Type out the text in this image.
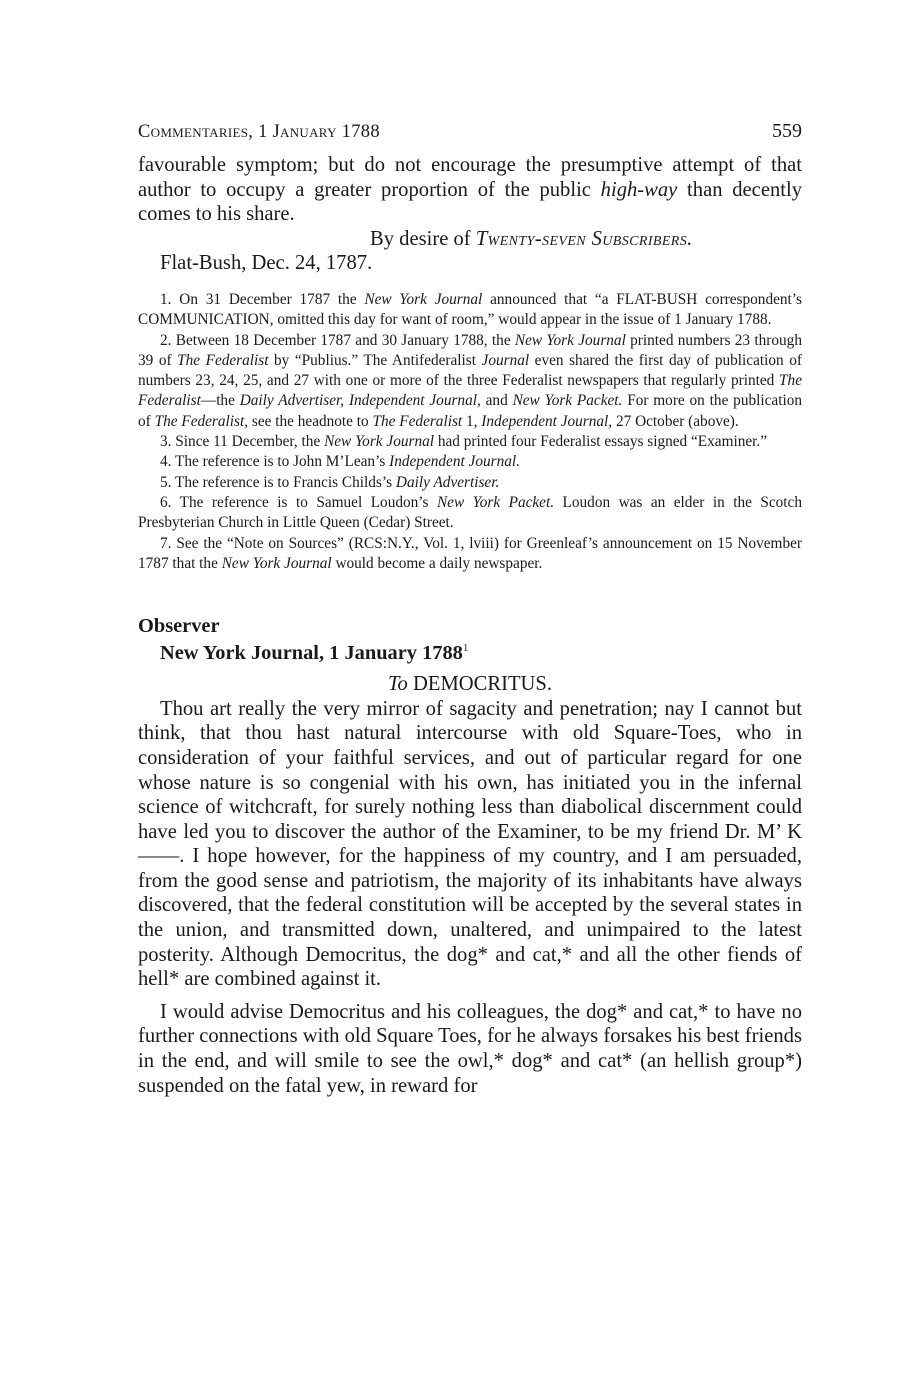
Commentaries, 1 January 1788	559

favourable symptom; but do not encourage the presumptive attempt of that author to occupy a greater proportion of the public high-way than decently comes to his share.

By desire of Twenty-seven Subscribers.

Flat-Bush, Dec. 24, 1787.

1. On 31 December 1787 the New York Journal announced that “a FLAT-BUSH correspondent’s COMMUNICATION, omitted this day for want of room,” would appear in the issue of 1 January 1788.

2. Between 18 December 1787 and 30 January 1788, the New York Journal printed numbers 23 through 39 of The Federalist by “Publius.” The Antifederalist Journal even shared the first day of publication of numbers 23, 24, 25, and 27 with one or more of the three Federalist newspapers that regularly printed The Federalist—the Daily Advertiser, Independent Journal, and New York Packet. For more on the publication of The Federalist, see the headnote to The Federalist 1, Independent Journal, 27 October (above).

3. Since 11 December, the New York Journal had printed four Federalist essays signed “Examiner.”

4. The reference is to John M’Lean’s Independent Journal.

5. The reference is to Francis Childs’s Daily Advertiser.

6. The reference is to Samuel Loudon’s New York Packet. Loudon was an elder in the Scotch Presbyterian Church in Little Queen (Cedar) Street.

7. See the “Note on Sources” (RCS:N.Y., Vol. 1, lviii) for Greenleaf’s announcement on 15 November 1787 that the New York Journal would become a daily newspaper.

Observer

New York Journal, 1 January 1788$^1$

To DEMOCRITUS.

Thou art really the very mirror of sagacity and penetration; nay I cannot but think, that thou hast natural intercourse with old Square-Toes, who in consideration of your faithful services, and out of particular regard for one whose nature is so congenial with his own, has initiated you in the infernal science of witchcraft, for surely nothing less than diabolical discernment could have led you to discover the author of the Examiner, to be my friend Dr. M’ K——. I hope however, for the happiness of my country, and I am persuaded, from the good sense and patriotism, the majority of its inhabitants have always discovered, that the federal constitution will be accepted by the several states in the union, and transmitted down, unaltered, and unimpaired to the latest posterity. Although Democritus, the dog* and cat,* and all the other fiends of hell* are combined against it.

I would advise Democritus and his colleagues, the dog* and cat,* to have no further connections with old Square Toes, for he always forsakes his best friends in the end, and will smile to see the owl,* dog* and cat* (an hellish group*) suspended on the fatal yew, in reward for
